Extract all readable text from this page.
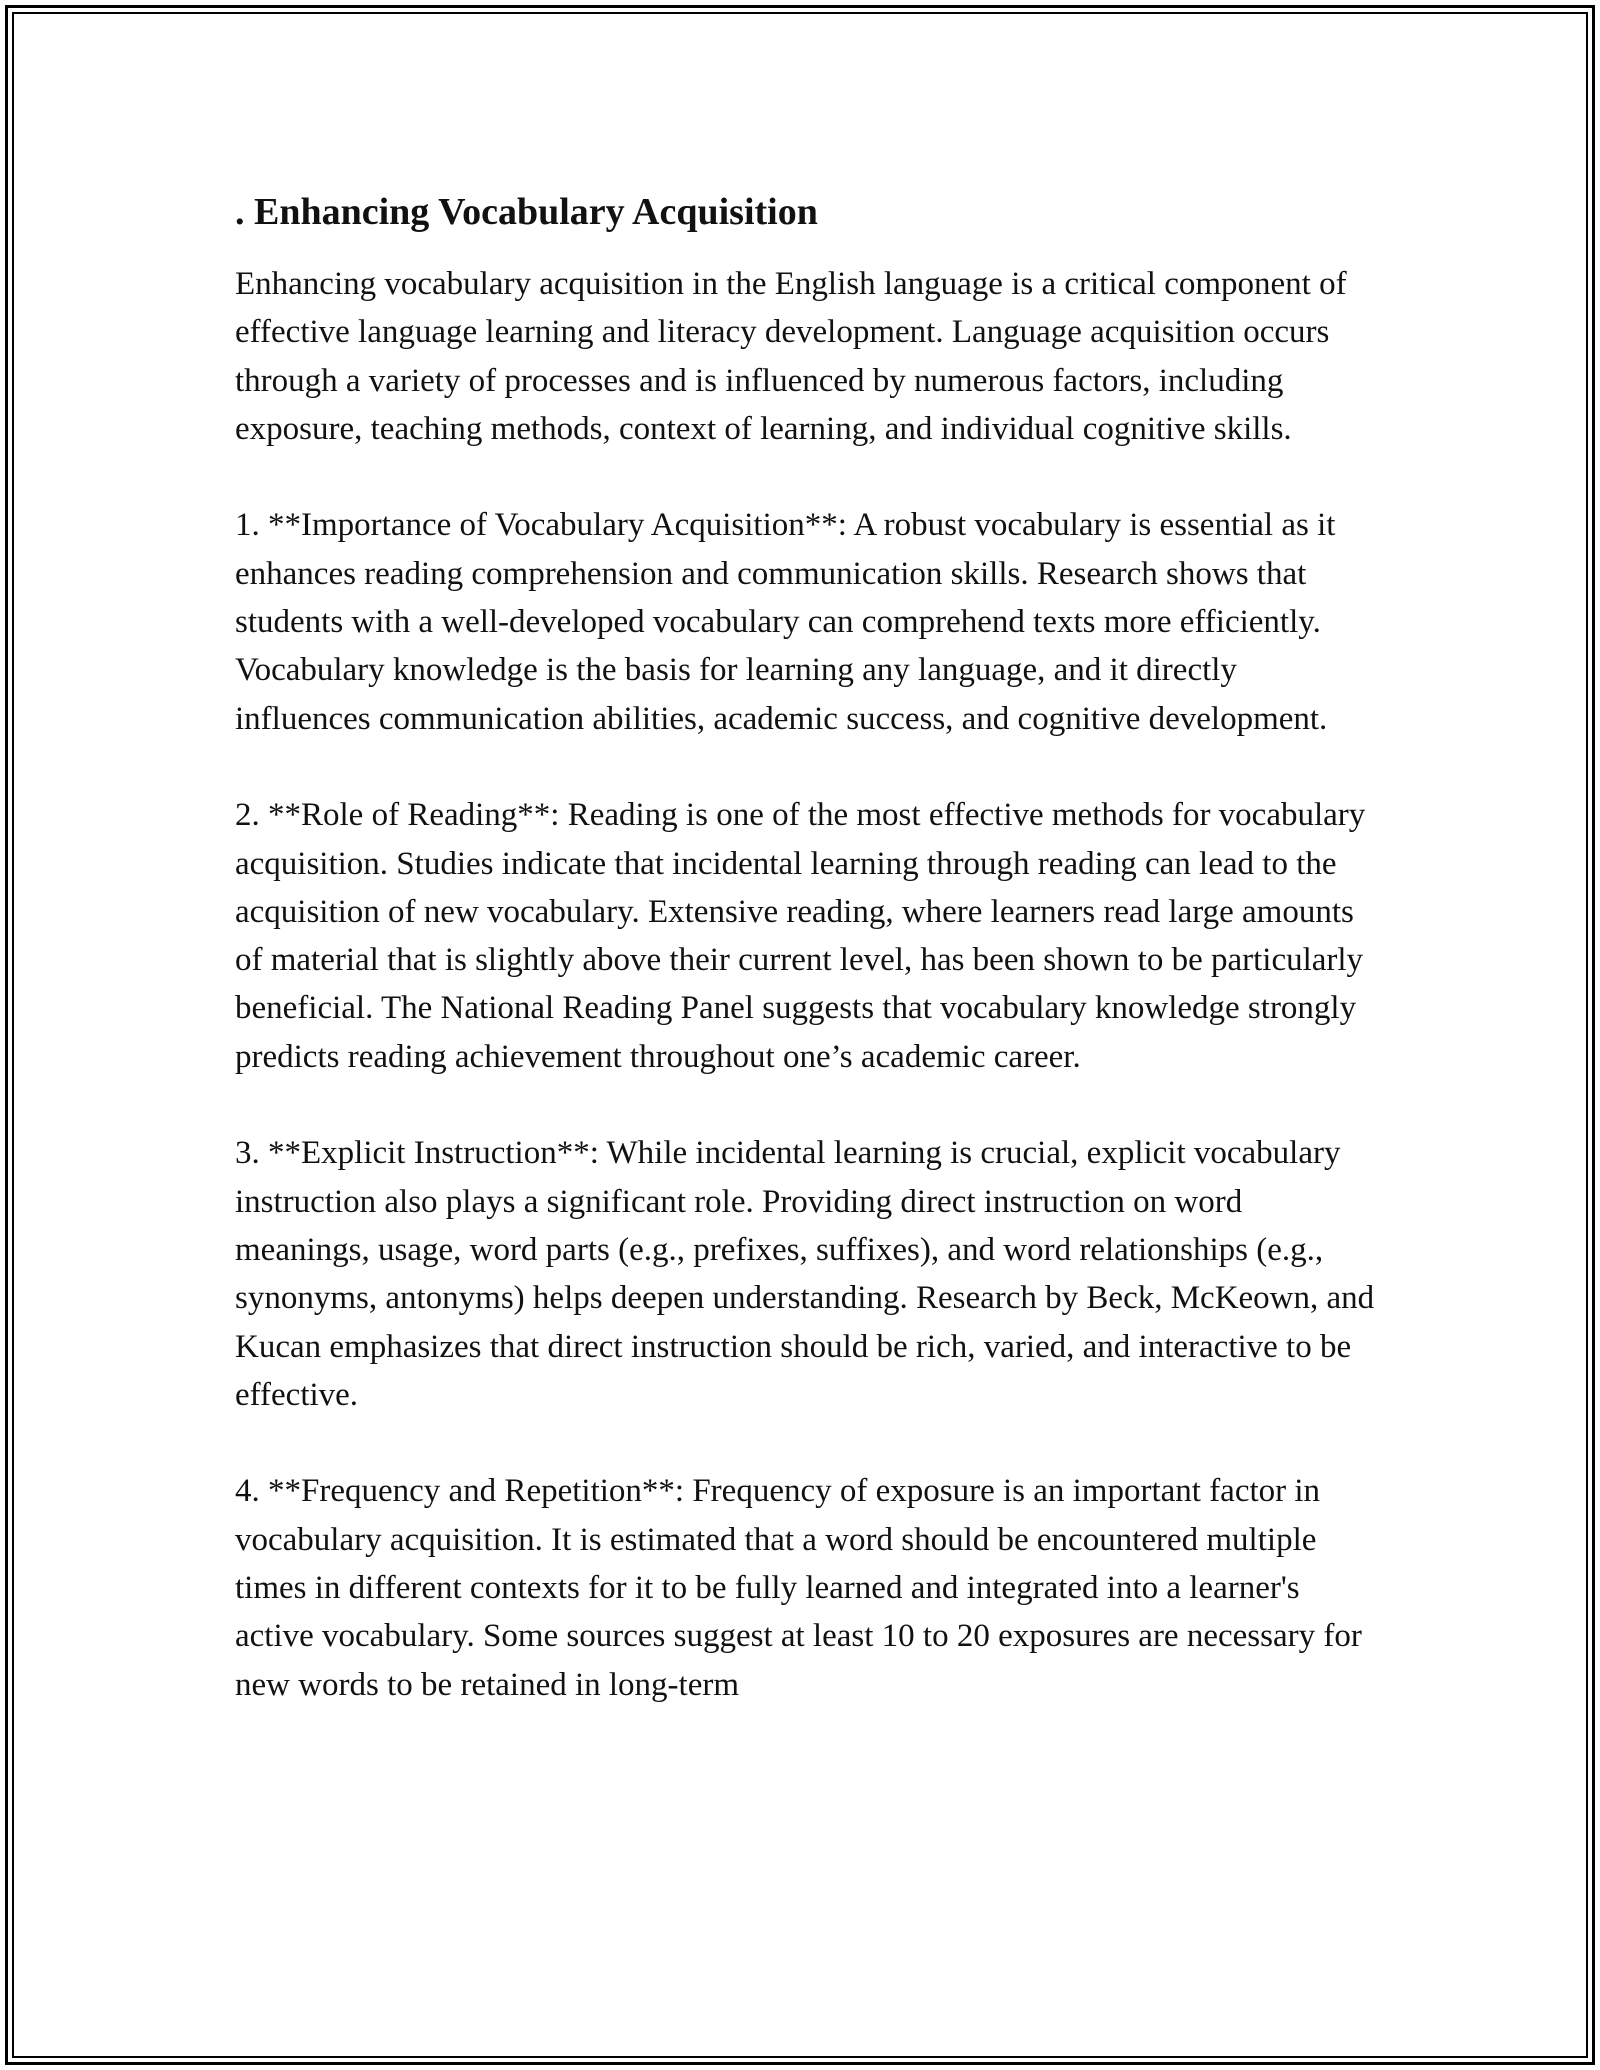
. Enhancing Vocabulary Acquisition

Enhancing vocabulary acquisition in the English language is a critical component of effective language learning and literacy development. Language acquisition occurs through a variety of processes and is influenced by numerous factors, including exposure, teaching methods, context of learning, and individual cognitive skills.

1. **Importance of Vocabulary Acquisition**: A robust vocabulary is essential as it enhances reading comprehension and communication skills. Research shows that students with a well-developed vocabulary can comprehend texts more efficiently. Vocabulary knowledge is the basis for learning any language, and it directly influences communication abilities, academic success, and cognitive development.

2. **Role of Reading**: Reading is one of the most effective methods for vocabulary acquisition. Studies indicate that incidental learning through reading can lead to the acquisition of new vocabulary. Extensive reading, where learners read large amounts of material that is slightly above their current level, has been shown to be particularly beneficial. The National Reading Panel suggests that vocabulary knowledge strongly predicts reading achievement throughout one’s academic career.

3. **Explicit Instruction**: While incidental learning is crucial, explicit vocabulary instruction also plays a significant role. Providing direct instruction on word meanings, usage, word parts (e.g., prefixes, suffixes), and word relationships (e.g., synonyms, antonyms) helps deepen understanding. Research by Beck, McKeown, and Kucan emphasizes that direct instruction should be rich, varied, and interactive to be effective.

4. **Frequency and Repetition**: Frequency of exposure is an important factor in vocabulary acquisition. It is estimated that a word should be encountered multiple times in different contexts for it to be fully learned and integrated into a learner's active vocabulary. Some sources suggest at least 10 to 20 exposures are necessary for new words to be retained in long-term
